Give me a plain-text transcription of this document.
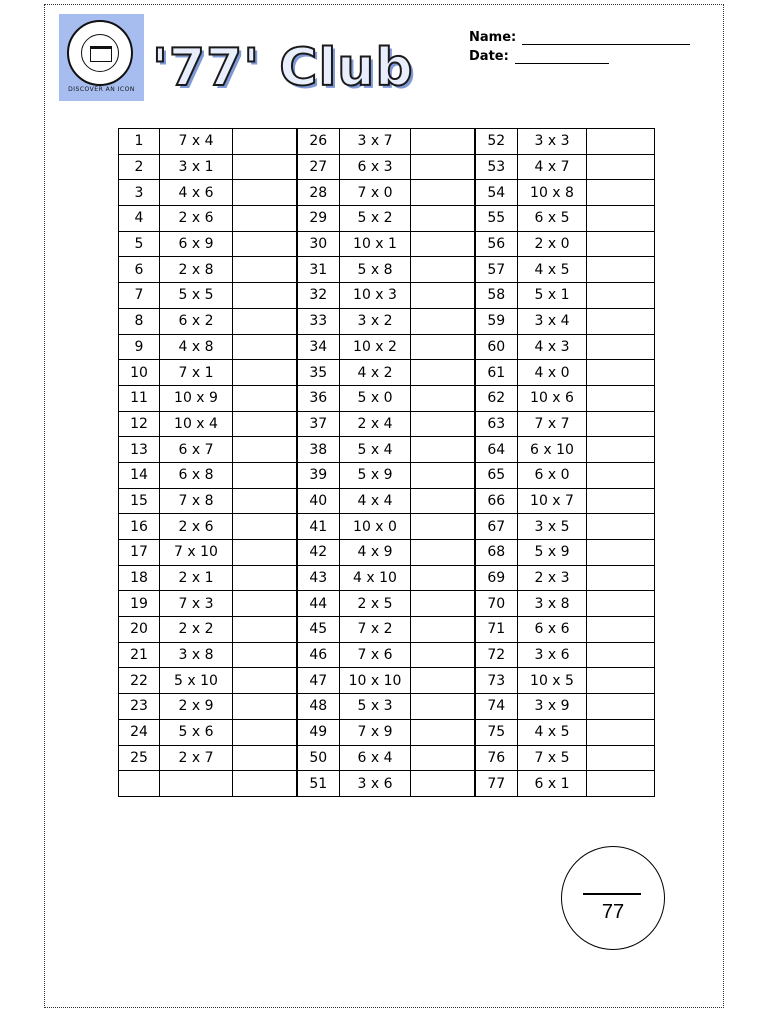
DISCOVER AN ICON '77' Club
Name:
Date:
1	7 x 4		26	3 x 7		52	3 x 3	
2	3 x 1		27	6 x 3		53	4 x 7	
3	4 x 6		28	7 x 0		54	10 x 8	
4	2 x 6		29	5 x 2		55	6 x 5	
5	6 x 9		30	10 x 1		56	2 x 0	
6	2 x 8		31	5 x 8		57	4 x 5	
7	5 x 5		32	10 x 3		58	5 x 1	
8	6 x 2		33	3 x 2		59	3 x 4	
9	4 x 8		34	10 x 2		60	4 x 3	
10	7 x 1		35	4 x 2		61	4 x 0	
11	10 x 9		36	5 x 0		62	10 x 6	
12	10 x 4		37	2 x 4		63	7 x 7	
13	6 x 7		38	5 x 4		64	6 x 10	
14	6 x 8		39	5 x 9		65	6 x 0	
15	7 x 8		40	4 x 4		66	10 x 7	
16	2 x 6		41	10 x 0		67	3 x 5	
17	7 x 10		42	4 x 9		68	5 x 9	
18	2 x 1		43	4 x 10		69	2 x 3	
19	7 x 3		44	2 x 5		70	3 x 8	
20	2 x 2		45	7 x 2		71	6 x 6	
21	3 x 8		46	7 x 6		72	3 x 6	
22	5 x 10		47	10 x 10		73	10 x 5	
23	2 x 9		48	5 x 3		74	3 x 9	
24	5 x 6		49	7 x 9		75	4 x 5	
25	2 x 7		50	6 x 4		76	7 x 5	
			51	3 x 6		77	6 x 1	
77
